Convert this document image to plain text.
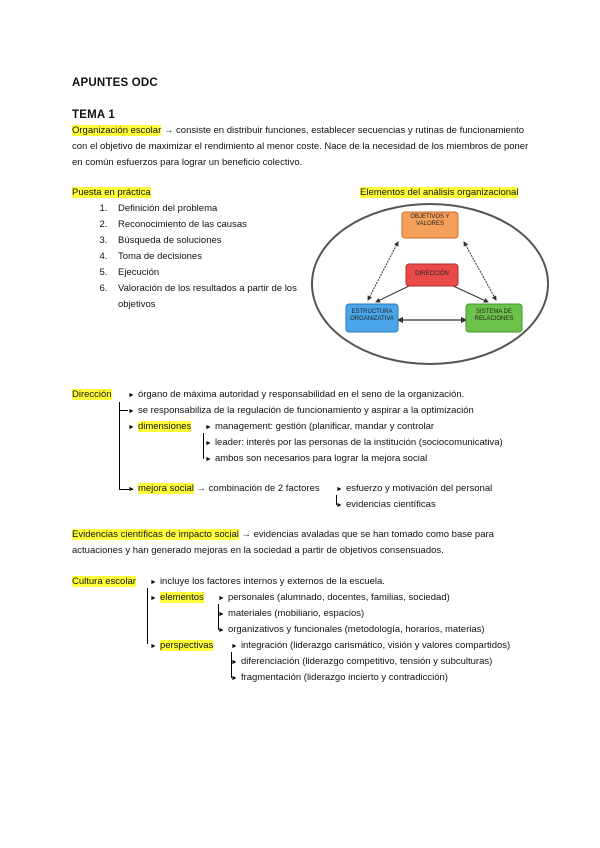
APUNTES ODC
TEMA 1
Organización escolar → consiste en distribuir funciones, establecer secuencias y rutinas de funcionamiento con el objetivo de maximizar el rendimiento al menor coste. Nace de la necesidad de los miembros de poner en común esfuerzos para lograr un beneficio colectivo.
Puesta en práctica
1. Definición del problema
2. Reconocimiento de las causas
3. Búsqueda de soluciones
4. Toma de decisiones
5. Ejecución
6. Valoración de los resultados a partir de los objetivos
Elementos del análisis organizacional
OBJETIVOS Y VALORES
DIRECCIÓN
ESTRUCTURA ORGANIZATIVA
SISTEMA DE RELACIONES
Dirección ► órgano de máxima autoridad y responsabilidad en el seno de la organización.
► se responsabiliza de la regulación de funcionamiento y aspirar a la optimización
► dimensiones ► management: gestión (planificar, mandar y controlar
► leader: interés por las personas de la institución (sociocomunicativa)
► ambos son necesarios para lograr la mejora social
► mejora social → combinación de 2 factores ► esfuerzo y motivación del personal
► evidencias científicas
Evidencias científicas de impacto social → evidencias avaladas que se han tomado como base para actuaciones y han generado mejoras en la sociedad a partir de objetivos consensuados.
Cultura escolar ► incluye los factores internos y externos de la escuela.
► elementos ► personales (alumnado, docentes, familias, sociedad)
► materiales (mobiliario, espacios)
► organizativos y funcionales (metodología, horarios, materias)
► perspectivas	► integración (liderazgo carismático, visión y valores compartidos)
► diferenciación (liderazgo competitivo, tensión y subculturas)
► fragmentación (liderazgo incierto y contradicción)
